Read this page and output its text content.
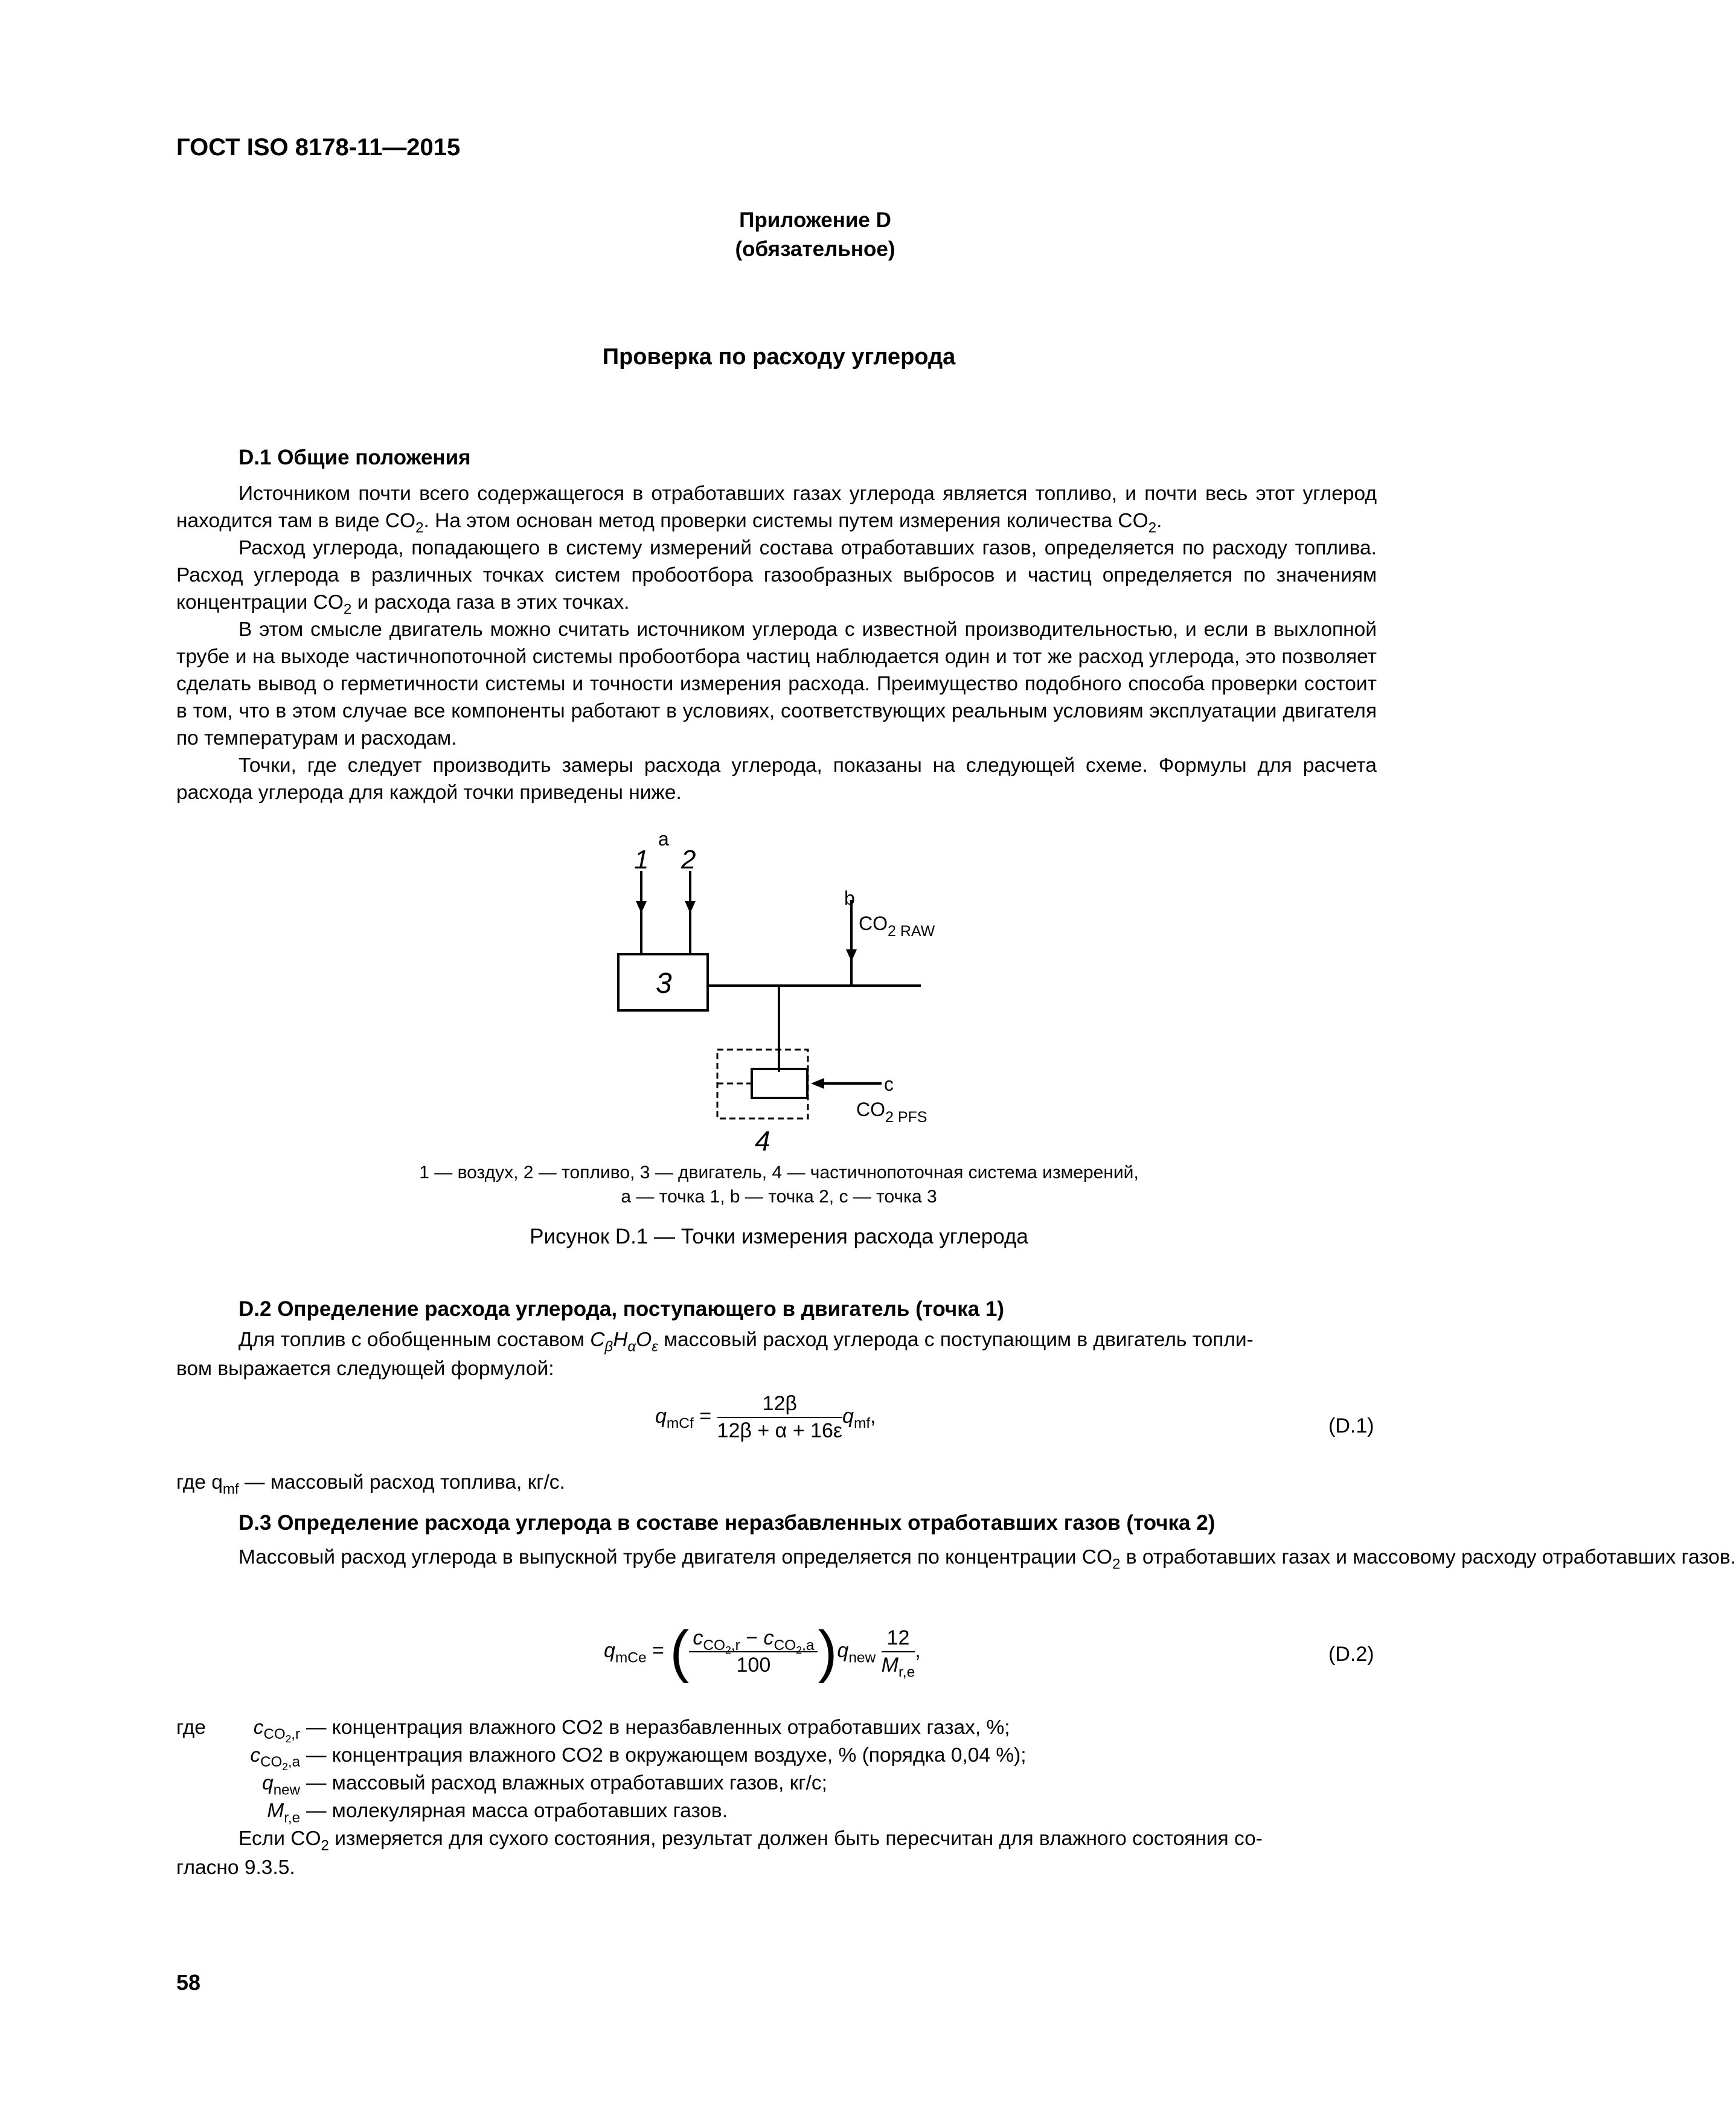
ГОСТ ISO 8178-11—2015
Приложение D
(обязательное)
Проверка по расходу углерода
D.1 Общие положения

Источником почти всего содержащегося в отработавших газах углерода является топливо, и почти весь этот углерод находится там в виде $CO_2$. На этом основан метод проверки системы путем измерения количества $CO_2$.

Расход углерода, попадающего в систему измерений состава отработавших газов, определяется по расходу топлива. Расход углерода в различных точках систем пробоотбора газообразных выбросов и частиц определяется по значениям концентрации $CO_2$ и расхода газа в этих точках.

В этом смысле двигатель можно считать источником углерода с известной производительностью, и если в выхлопной трубе и на выходе частичнопоточной системы пробоотбора частиц наблюдается один и тот же расход углерода, это позволяет сделать вывод о герметичности системы и точности измерения расхода. Преимущество подобного способа проверки состоит в том, что в этом случае все компоненты работают в условиях, соответствующих реальным условиям эксплуатации двигателя по температурам и расходам.

Точки, где следует производить замеры расхода углерода, показаны на следующей схеме. Формулы для расчета расхода углерода для каждой точки приведены ниже.

a
1 2
3
4
b
$CO_{2 RAW}$
c
$CO_{2 PFS}$
1 — воздух, 2 — топливо, 3 — двигатель, 4 — частичнопоточная система измерений,
a — точка 1, b — точка 2, c — точка 3
Рисунок D.1 — Точки измерения расхода углерода
D.2 Определение расхода углерода, поступающего в двигатель (точка 1)
Для топлив с обобщенным составом $C_\beta H_\alpha O_\varepsilon$ массовый расход углерода с поступающим в двигатель топли-
вом выражается следующей формулой:
$q_{mCf} = \frac{12\beta}{12\beta + \alpha + 16\varepsilon} q_{mf}$,	(D.1)
где $q_{mf}$ — массовый расход топлива, кг/с.
D.3 Определение расхода углерода в составе неразбавленных отработавших газов (точка 2)
Массовый расход углерода в выпускной трубе двигателя определяется по концентрации $CO_2$ в отработавших газах и массовому расходу отработавших газов.
$q_{mCe}$ = ( $\frac{c_{CO_2,r} - c_{CO_2,a}}{100} )q_{new} \frac{12}{M_{r,e}}$ ,	(D.2)
где	$c_{CO_2,r}$ — концентрация влажного CO2 в неразбавленных отработавших газах, %;
$c_{CO_2,a}$ — концентрация влажного CO2 в окружающем воздухе, % (порядка 0,04 %);
$q_{new}$ — массовый расход влажных отработавших газов, кг/с;
$M_{r,e}$ — молекулярная масса отработавших газов.
Если $CO_2$ измеряется для сухого состояния, результат должен быть пересчитан для влажного состояния со-
гласно 9.3.5.
58
